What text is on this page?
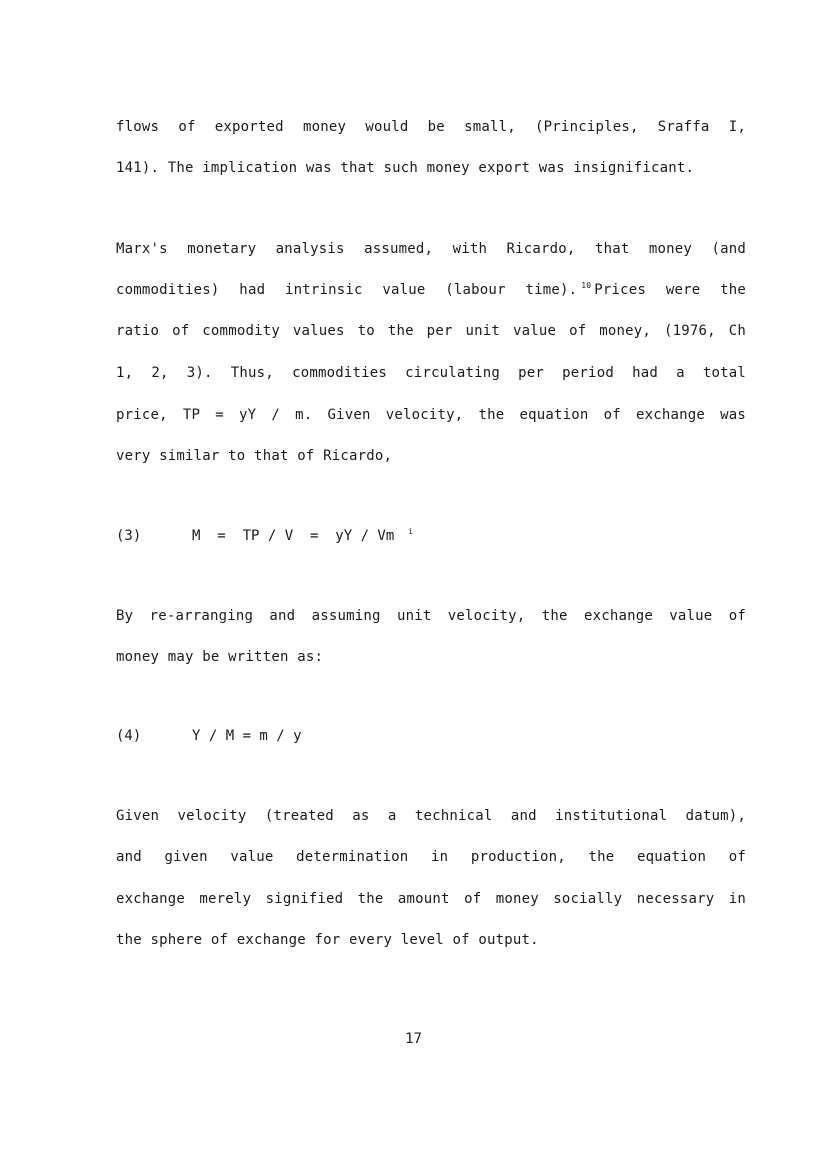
flows of exported money would be small, (Principles, Sraffa I,
141). The implication was that such money export was insignificant.
Marx's monetary analysis assumed, with Ricardo, that money (and
commodities) had intrinsic value (labour time). $^{10}$ Prices were the
ratio of commodity values to the per unit value of money, (1976, Ch
1, 2, 3). Thus, commodities circulating per period had a total
price, TP = yY / m. Given velocity, the equation of exchange was
very similar to that of Ricardo,
(3)	M  =  TP / V  =  yY / Vm $^i$
By re-arranging and assuming unit velocity, the exchange value of
money may be written as:
(4)	Y / M = m / y
Given velocity (treated as a technical and institutional datum),
and given value determination in production, the equation of
exchange merely signified the amount of money socially necessary in
the sphere of exchange for every level of output.
17
